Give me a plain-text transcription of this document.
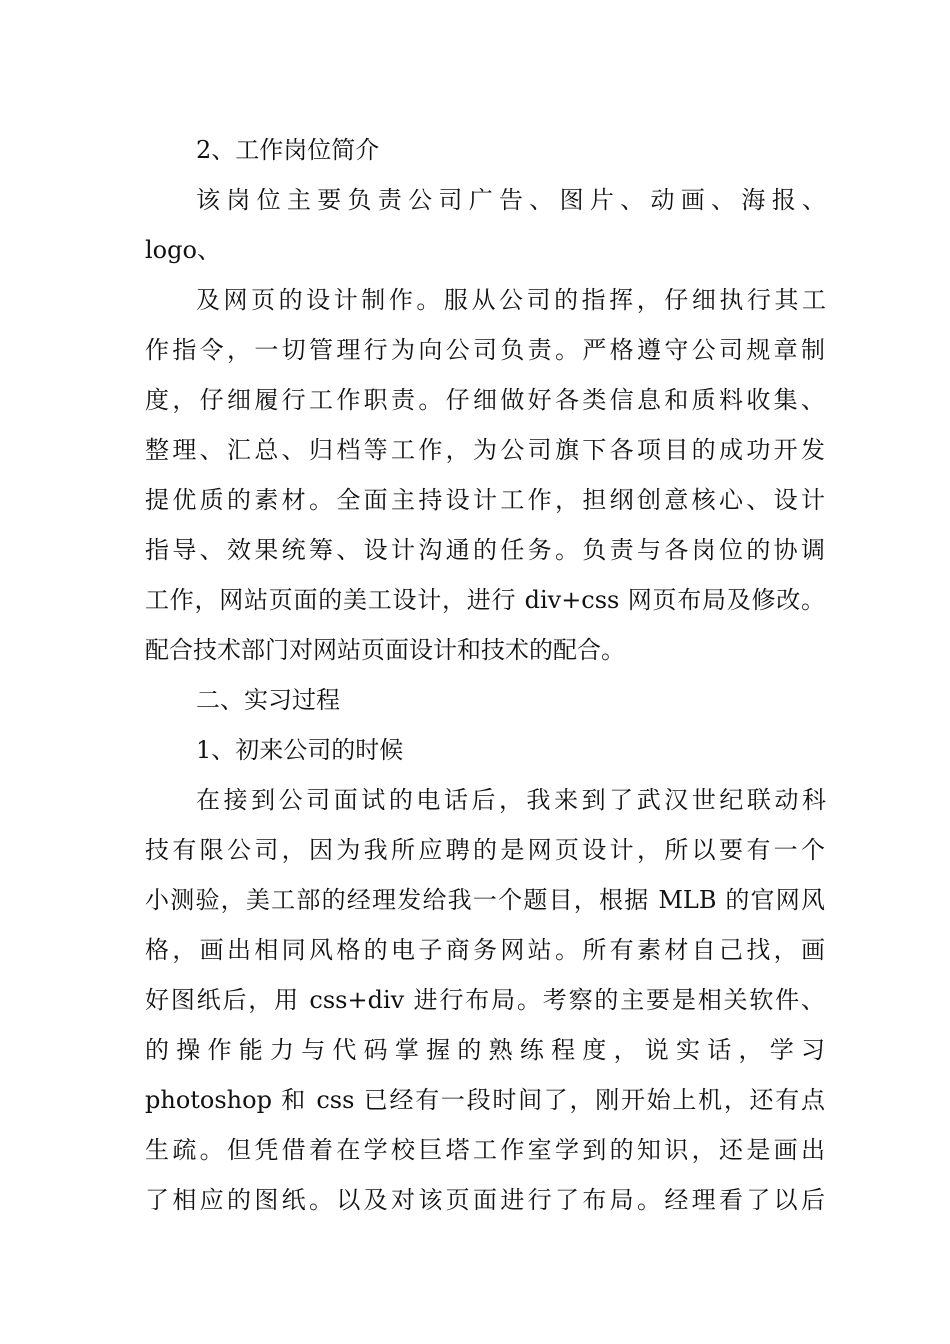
2、工作岗位简介

该岗位主要负责公司广告、图片、动画、海报、

logo、

及网页的设计制作。服从公司的指挥，仔细执行其工

作指令，一切管理行为向公司负责。严格遵守公司规章制

度，仔细履行工作职责。仔细做好各类信息和质料收集、

整理、汇总、归档等工作，为公司旗下各项目的成功开发

提优质的素材。全面主持设计工作，担纲创意核心、设计

指导、效果统筹、设计沟通的任务。负责与各岗位的协调

工作，网站页面的美工设计，进行 div+css 网页布局及修改。

配合技术部门对网站页面设计和技术的配合。

二、实习过程

1、初来公司的时候

在接到公司面试的电话后，我来到了武汉世纪联动科

技有限公司，因为我所应聘的是网页设计，所以要有一个

小测验，美工部的经理发给我一个题目，根据 MLB 的官网风

格，画出相同风格的电子商务网站。所有素材自己找，画

好图纸后，用 css+div 进行布局。考察的主要是相关软件、

的操作能力与代码掌握的熟练程度，说实话，学习

photoshop 和 css 已经有一段时间了，刚开始上机，还有点

生疏。但凭借着在学校巨塔工作室学到的知识，还是画出

了相应的图纸。以及对该页面进行了布局。经理看了以后
